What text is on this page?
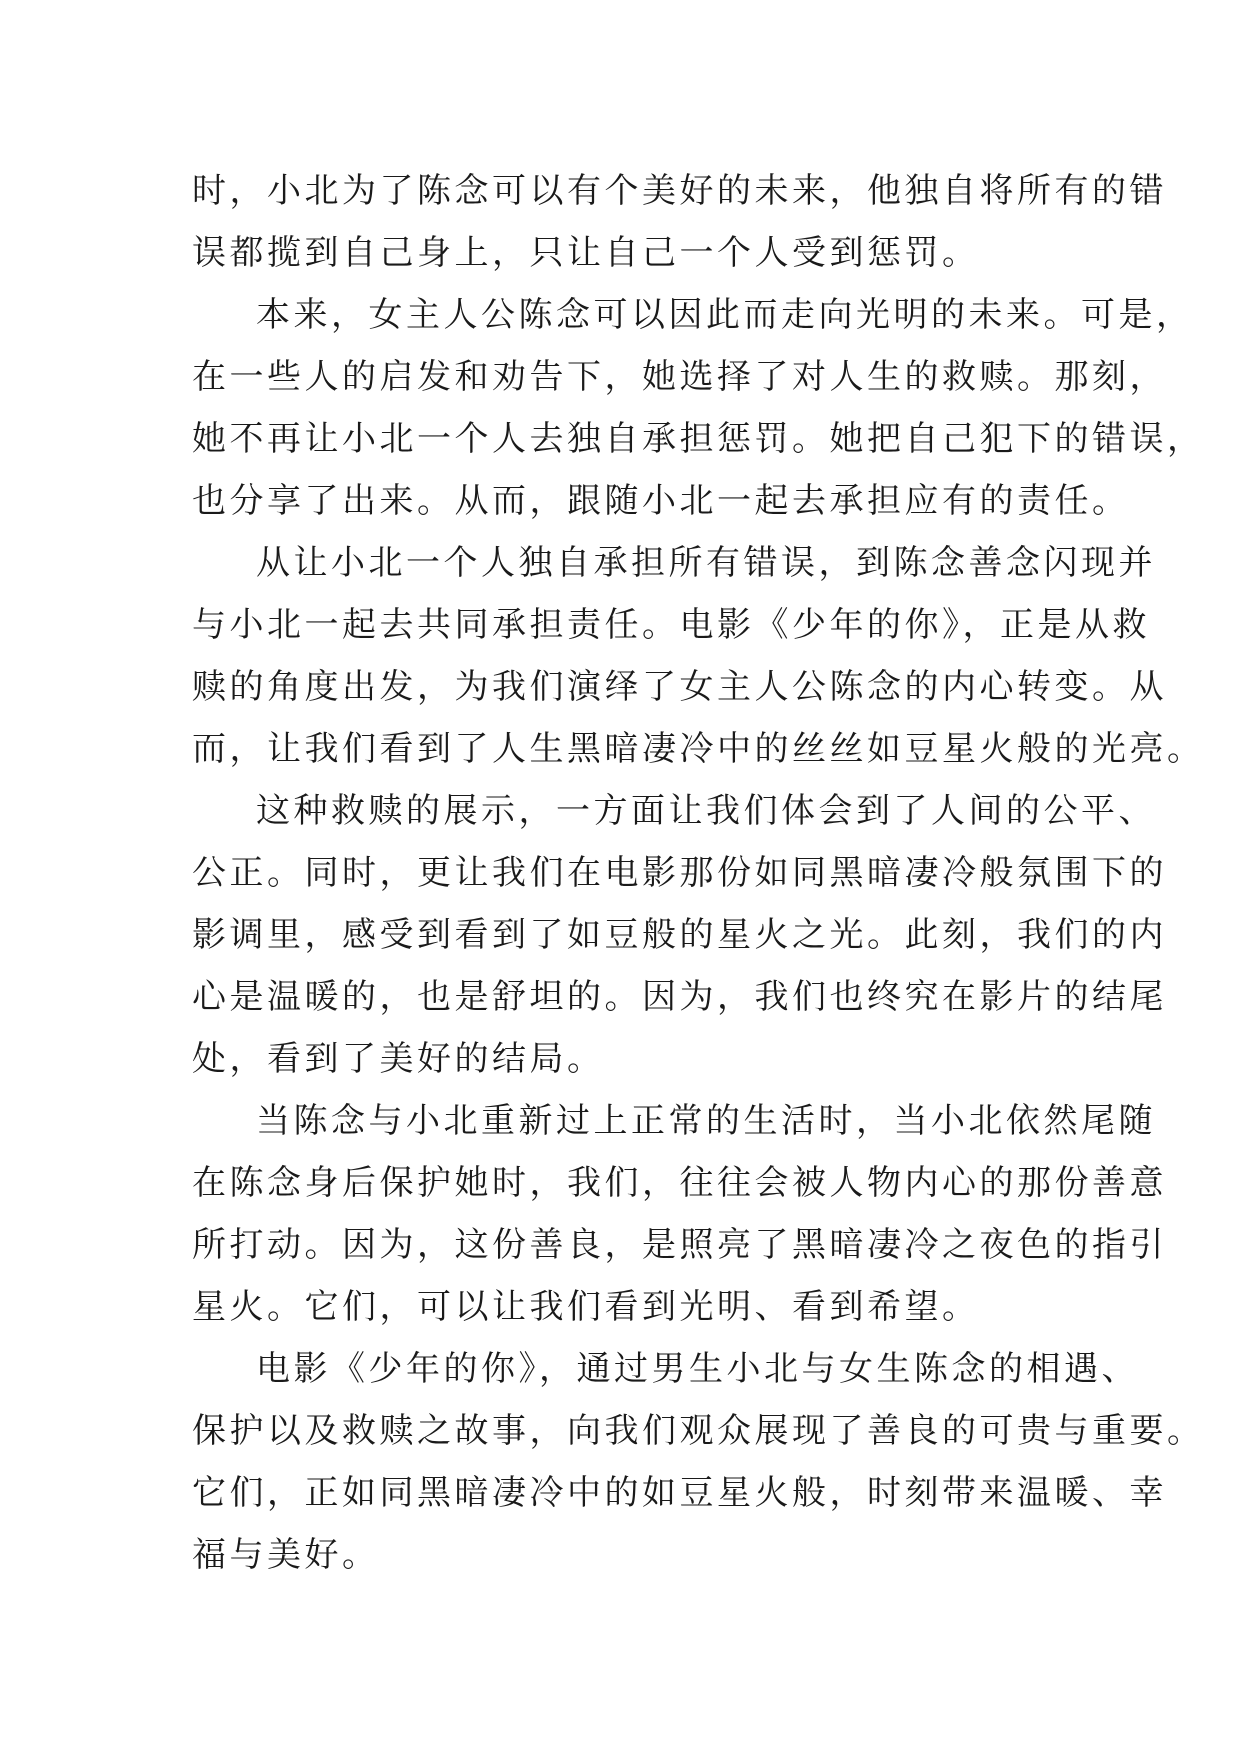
时，小北为了陈念可以有个美好的未来，他独自将所有的错
误都揽到自己身上，只让自己一个人受到惩罚。
本来，女主人公陈念可以因此而走向光明的未来。可是，
在一些人的启发和劝告下，她选择了对人生的救赎。那刻，
她不再让小北一个人去独自承担惩罚。她把自己犯下的错误，
也分享了出来。从而，跟随小北一起去承担应有的责任。
从让小北一个人独自承担所有错误，到陈念善念闪现并
与小北一起去共同承担责任。电影《少年的你》，正是从救
赎的角度出发，为我们演绎了女主人公陈念的内心转变。从
而，让我们看到了人生黑暗凄冷中的丝丝如豆星火般的光亮。
这种救赎的展示，一方面让我们体会到了人间的公平、
公正。同时，更让我们在电影那份如同黑暗凄冷般氛围下的
影调里，感受到看到了如豆般的星火之光。此刻，我们的内
心是温暖的，也是舒坦的。因为，我们也终究在影片的结尾
处，看到了美好的结局。
当陈念与小北重新过上正常的生活时，当小北依然尾随
在陈念身后保护她时，我们，往往会被人物内心的那份善意
所打动。因为，这份善良，是照亮了黑暗凄冷之夜色的指引
星火。它们，可以让我们看到光明、看到希望。
电影《少年的你》，通过男生小北与女生陈念的相遇、
保护以及救赎之故事，向我们观众展现了善良的可贵与重要。
它们，正如同黑暗凄冷中的如豆星火般，时刻带来温暖、幸
福与美好。
